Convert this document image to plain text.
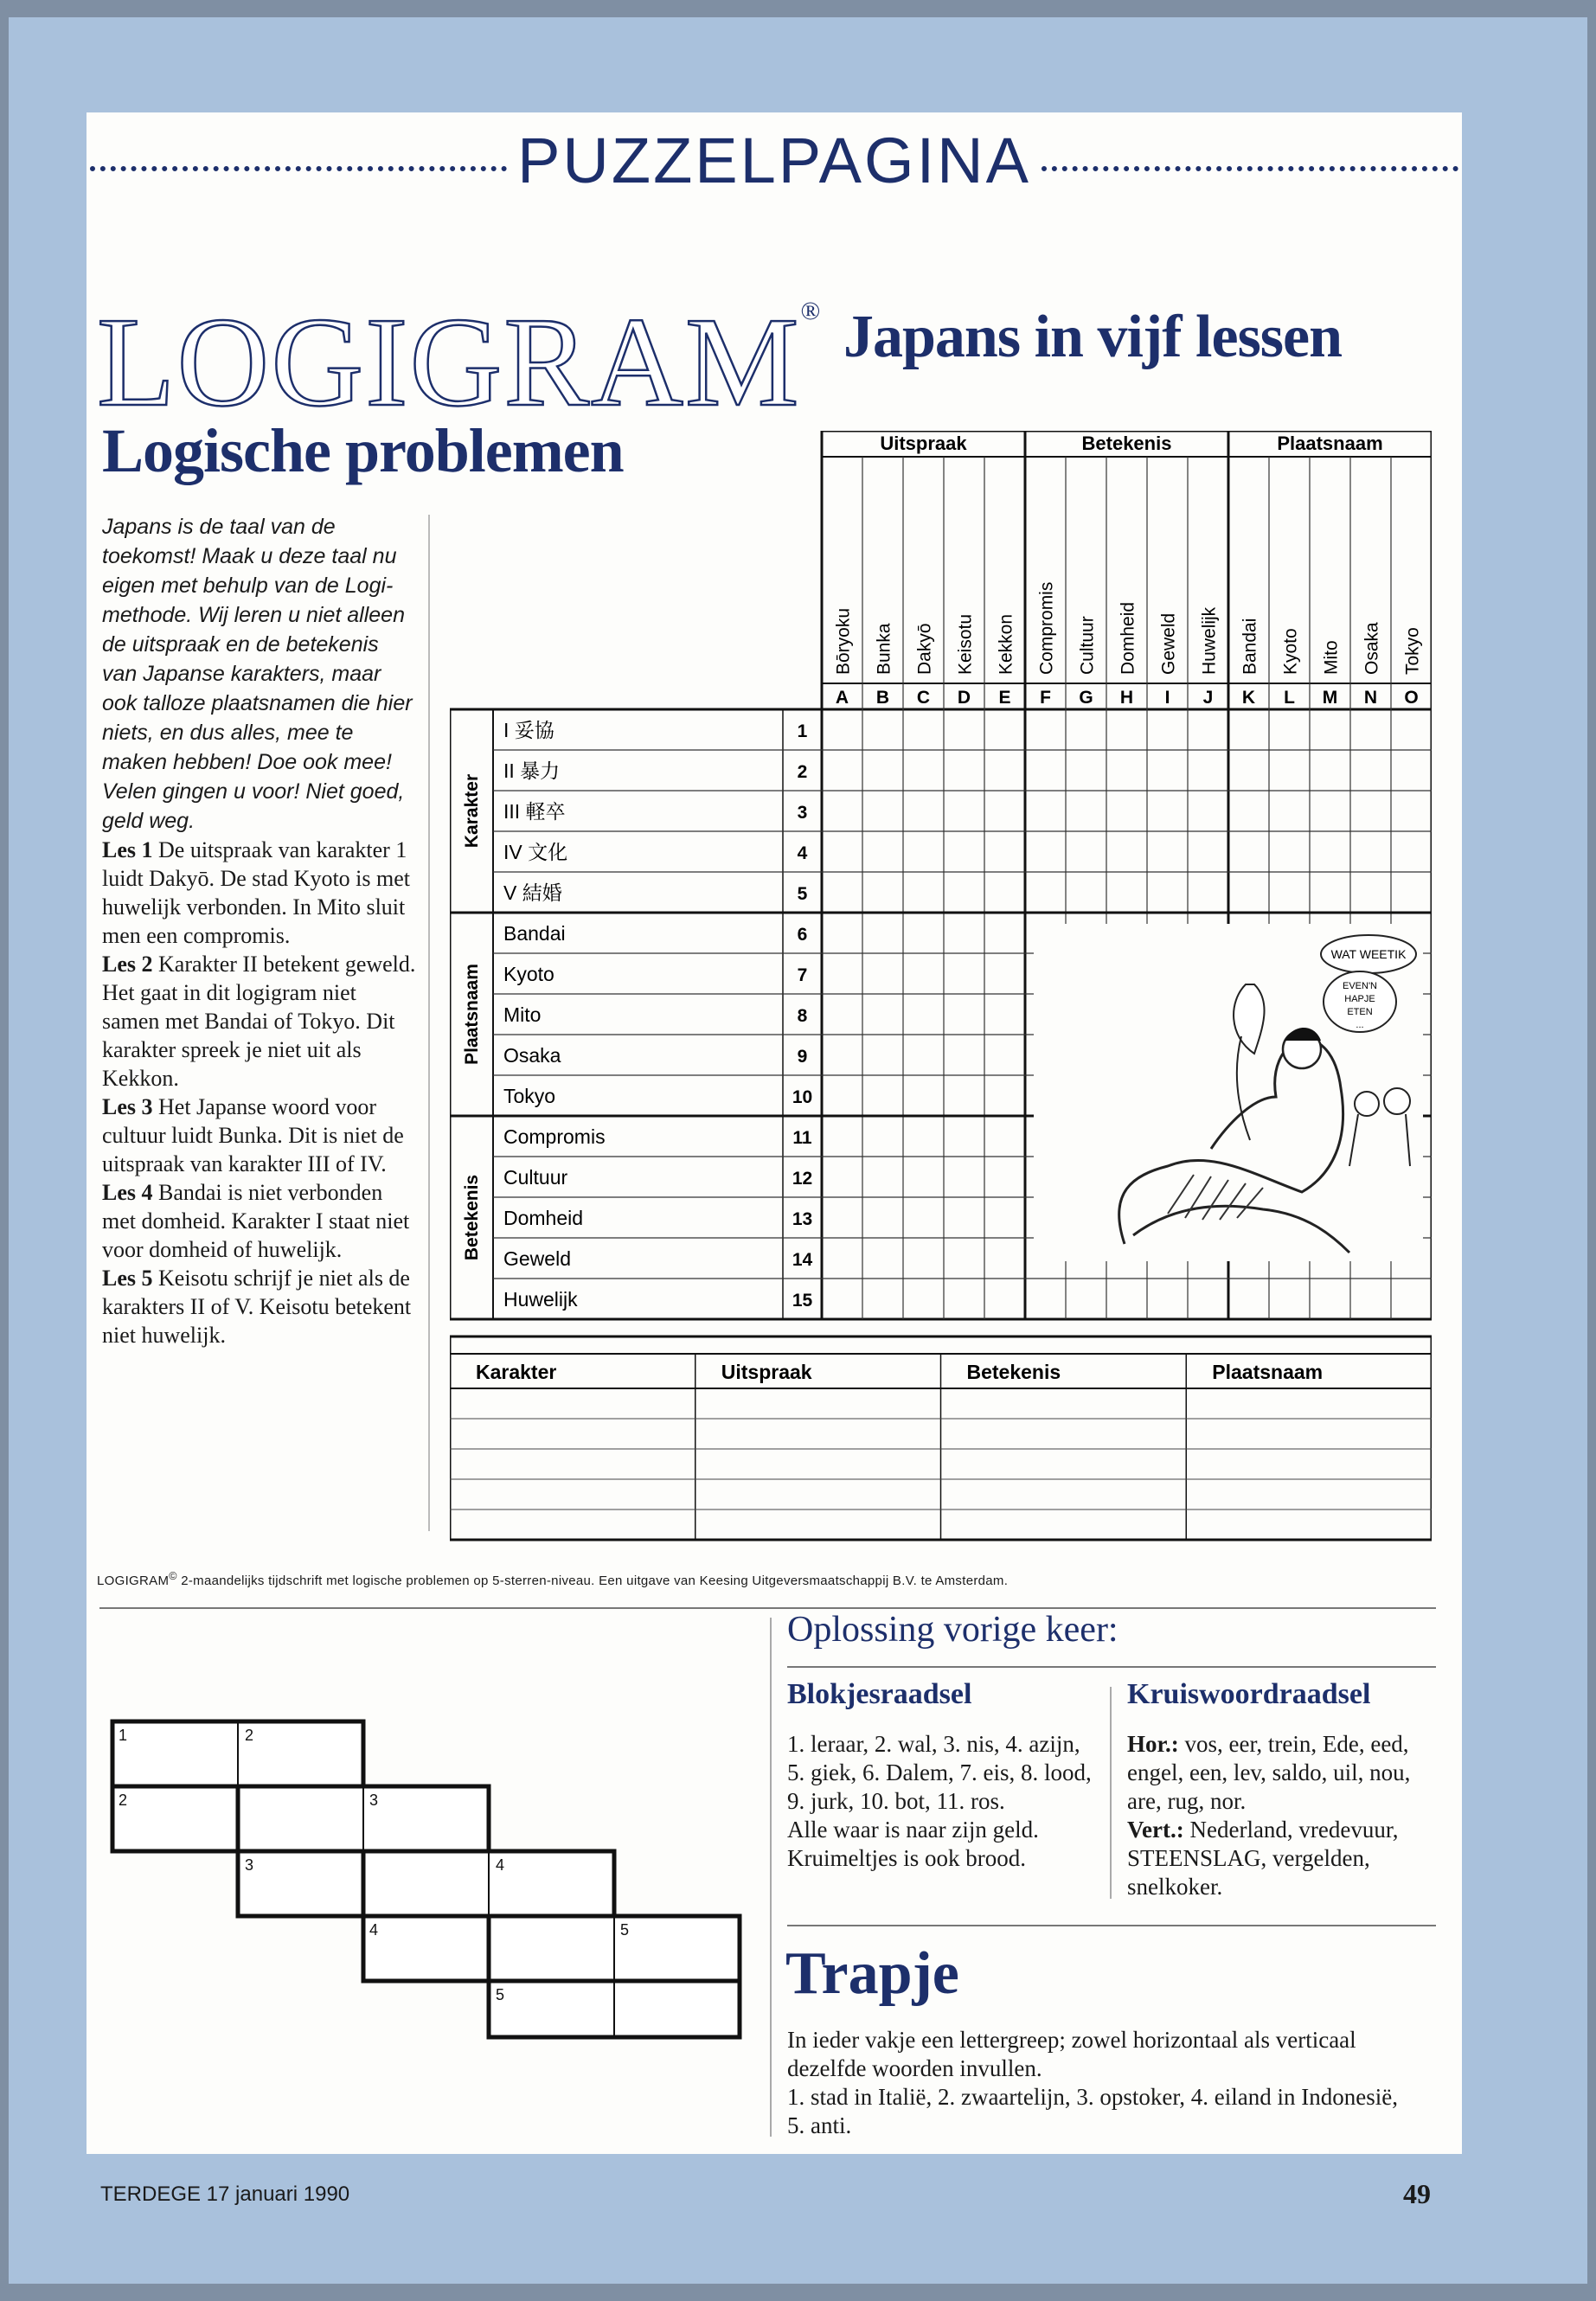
PUZZELPAGINA
LOGIGRAM®
Logische problemen
Japans in vijf lessen
Japans is de taal van de toekomst! Maak u deze taal nu eigen met behulp van de Logi-methode. Wij leren u niet alleen de uitspraak en de betekenis van Japanse karakters, maar ook talloze plaatsnamen die hier niets, en dus alles, mee te maken hebben! Doe ook mee! Velen gingen u voor! Niet goed, geld weg.
Les 1 De uitspraak van karakter 1 luidt Dakyō. De stad Kyoto is met huwelijk verbonden. In Mito sluit men een compromis.
Les 2 Karakter II betekent geweld. Het gaat in dit logigram niet samen met Bandai of Tokyo. Dit karakter spreek je niet uit als Kekkon.
Les 3 Het Japanse woord voor cultuur luidt Bunka. Dit is niet de uitspraak van karakter III of IV.
Les 4 Bandai is niet verbonden met domheid. Karakter I staat niet voor domheid of huwelijk.
Les 5 Keisotu schrijf je niet als de karakters II of V. Keisotu betekent niet huwelijk.
Uitspraak	Betekenis	Plaatsnaam
Bōryoku
A
Bunka
B
Dakyō
C
Keisotu
D
Kekkon
E
Compromis
F
Cultuur
G
Domheid
H
Geweld
I
Huwelijk
J
Bandai
K
Kyoto
L
Mito
M
Osaka
N
Tokyo
O
Karakter
Plaatsnaam
Betekenis
I 妥協	1
II 暴力	2
III 軽卒	3
IV 文化	4
V 結婚	5
Bandai	6
Kyoto	7
Mito	8
Osaka	9
Tokyo	10
Compromis	11
Cultuur	12
Domheid	13
Geweld	14
Huwelijk	15
Karakter	Uitspraak	Betekenis	Plaatsnaam
WAT WEETIK
EVEN'N
HAPJE
ETEN
...
LOGIGRAM© 2-maandelijks tijdschrift met logische problemen op 5-sterren-niveau. Een uitgave van Keesing Uitgeversmaatschappij B.V. te Amsterdam.
1	2
2	3
3	4
4	5
5
Oplossing vorige keer:
Blokjesraadsel
1. leraar, 2. wal, 3. nis, 4. azijn, 5. giek, 6. Dalem, 7. eis, 8. lood, 9. jurk, 10. bot, 11. ros.
Alle waar is naar zijn geld.
Kruimeltjes is ook brood.
Kruiswoordraadsel
Hor.: vos, eer, trein, Ede, eed, engel, een, lev, saldo, uil, nou, are, rug, nor.
Vert.: Nederland, vredevuur, STEENSLAG, vergelden, snelkoker.
Trapje
In ieder vakje een lettergreep; zowel horizontaal als verticaal dezelfde woorden invullen.
1. stad in Italië, 2. zwaartelijn, 3. opstoker, 4. eiland in Indonesië, 5. anti.
TERDEGE 17 januari 1990	49
